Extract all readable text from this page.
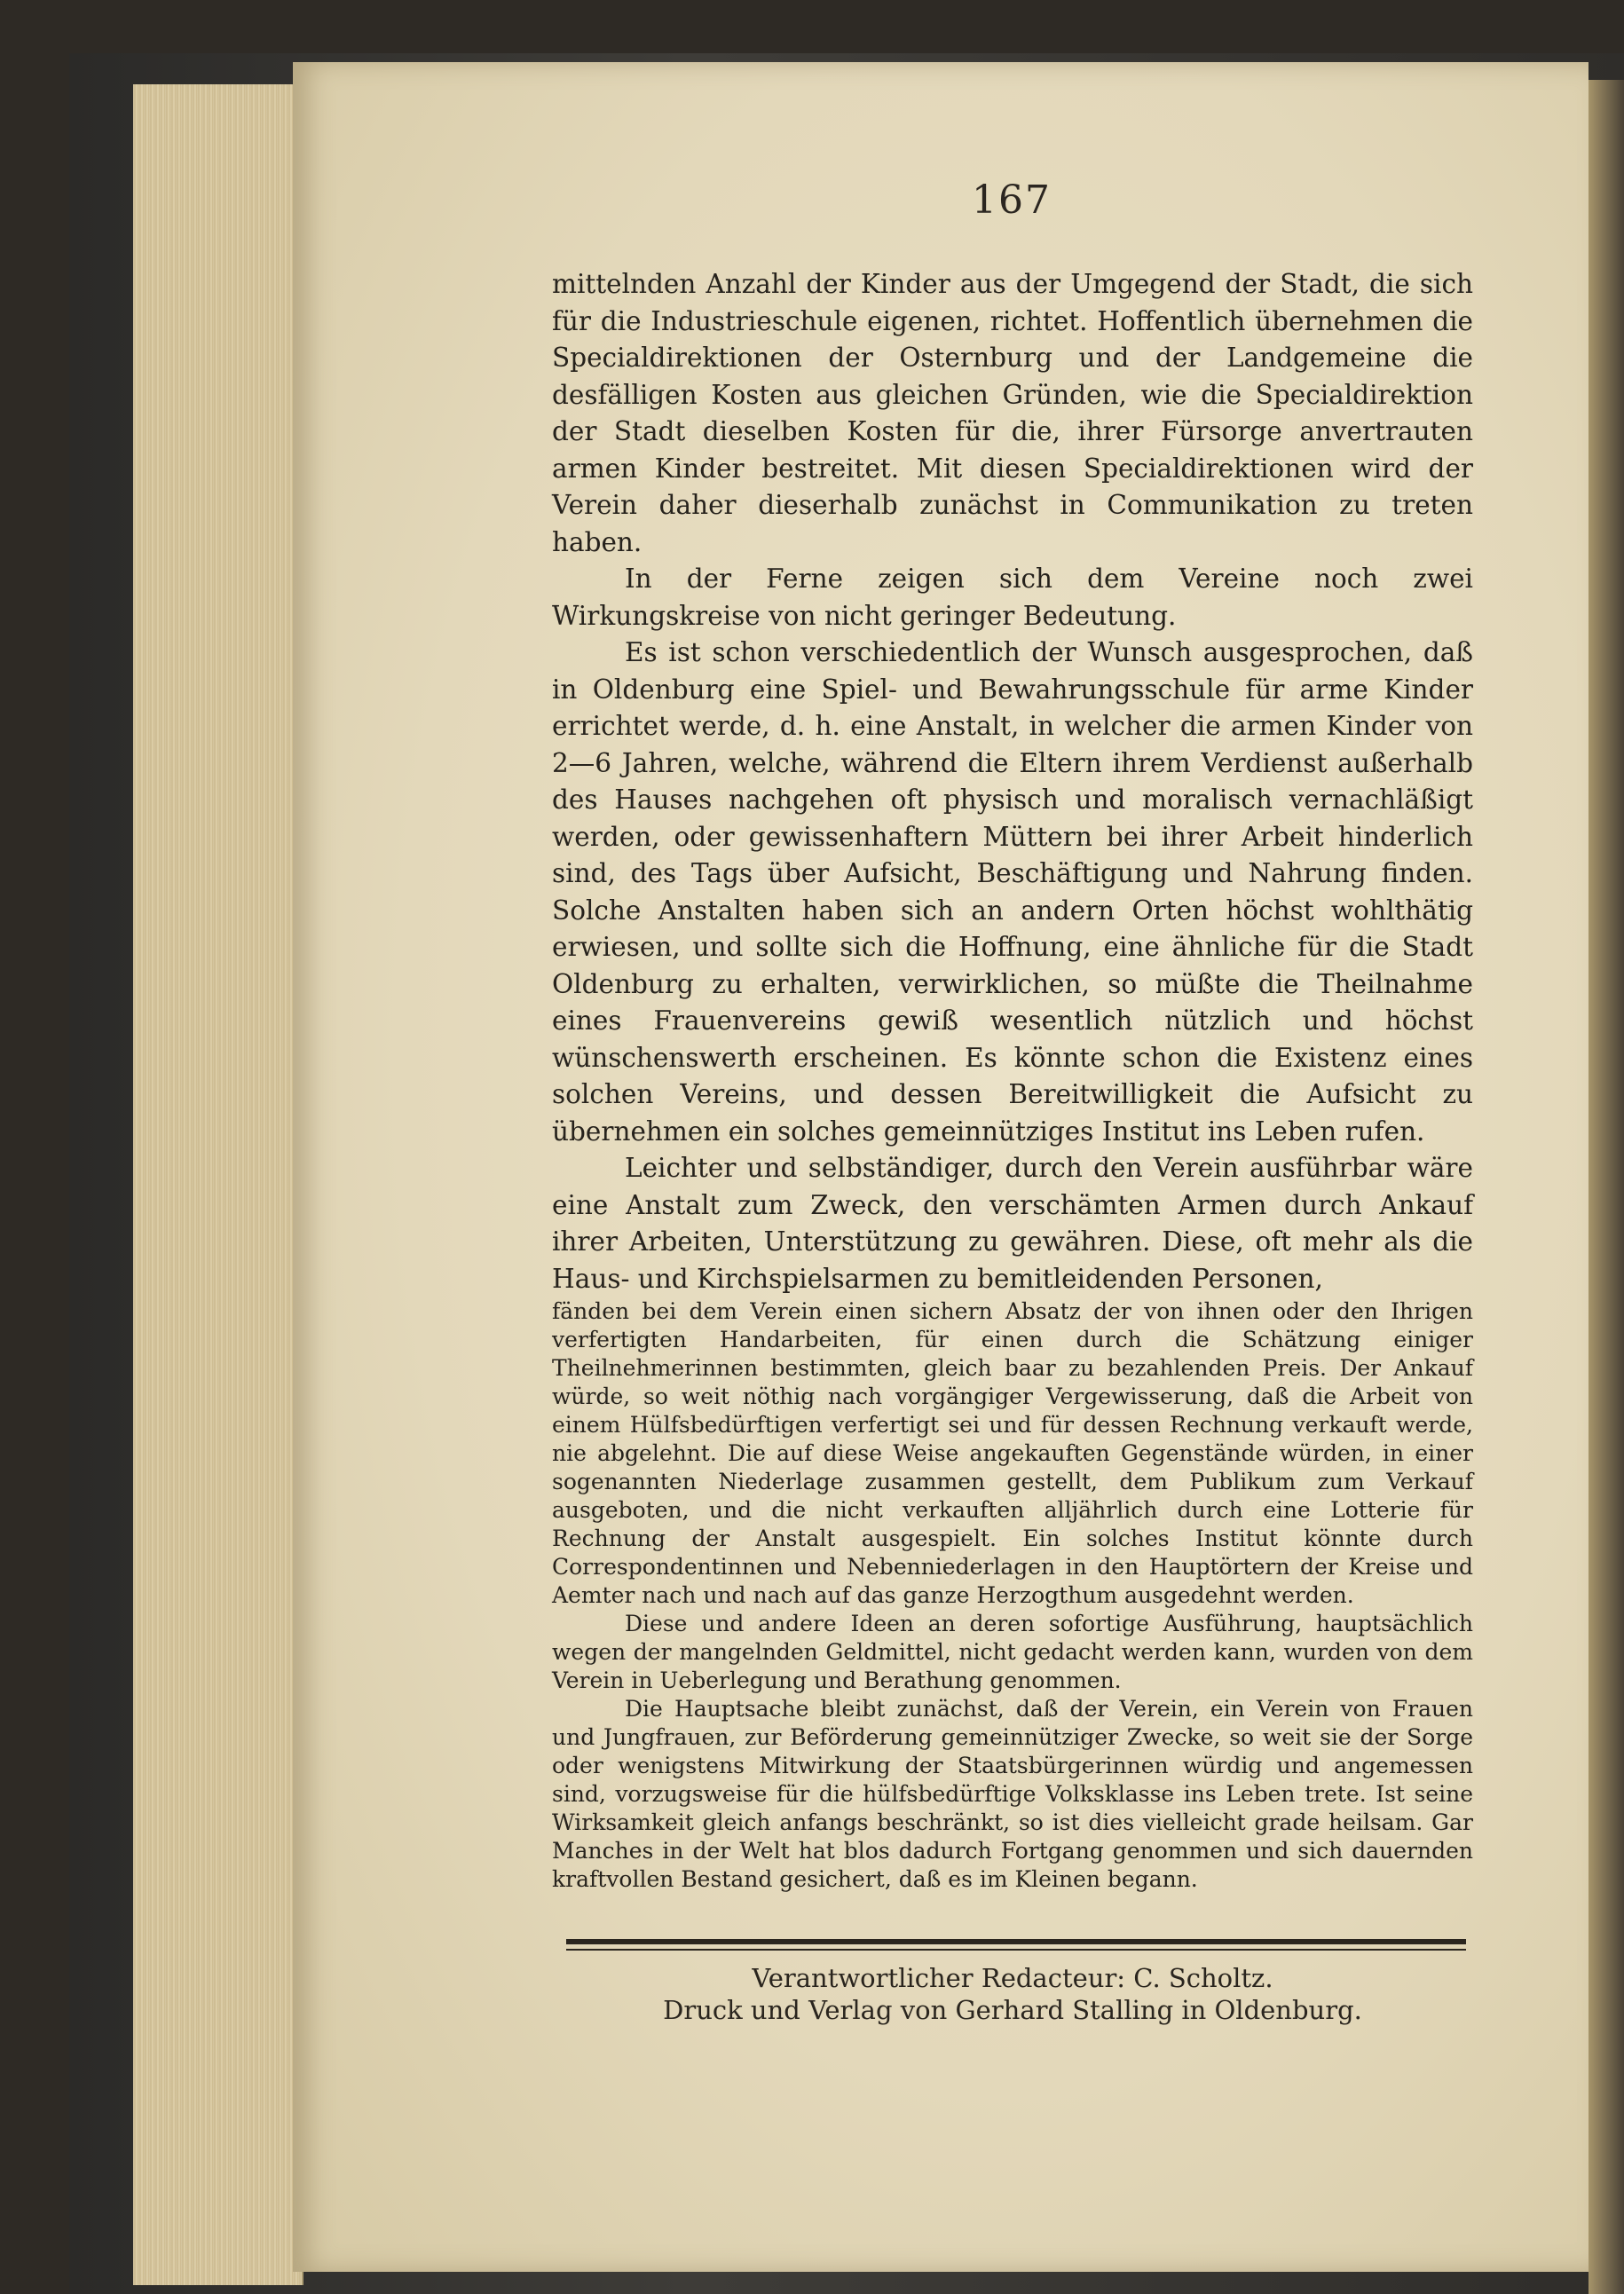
167

mittelnden Anzahl der Kinder aus der Umgegend der Stadt, die sich für die Industrieschule eigenen, richtet. Hoffentlich übernehmen die Specialdirektionen der Osternburg und der Landgemeine die desfälligen Kosten aus gleichen Gründen, wie die Specialdirektion der Stadt dieselben Kosten für die, ihrer Fürsorge anvertrauten armen Kinder bestreitet. Mit diesen Specialdirektionen wird der Verein daher dieserhalb zunächst in Communikation zu treten haben.

In der Ferne zeigen sich dem Vereine noch zwei Wirkungskreise von nicht geringer Bedeutung.

Es ist schon verschiedentlich der Wunsch ausgesprochen, daß in Oldenburg eine Spiel- und Bewahrungsschule für arme Kinder errichtet werde, d. h. eine Anstalt, in welcher die armen Kinder von 2—6 Jahren, welche, während die Eltern ihrem Verdienst außerhalb des Hauses nachgehen oft physisch und moralisch vernachläßigt werden, oder gewissenhaftern Müttern bei ihrer Arbeit hinderlich sind, des Tags über Aufsicht, Beschäftigung und Nahrung finden. Solche Anstalten haben sich an andern Orten höchst wohlthätig erwiesen, und sollte sich die Hoffnung, eine ähnliche für die Stadt Oldenburg zu erhalten, verwirklichen, so müßte die Theilnahme eines Frauenvereins gewiß wesentlich nützlich und höchst wünschenswerth erscheinen. Es könnte schon die Existenz eines solchen Vereins, und dessen Bereitwilligkeit die Aufsicht zu übernehmen ein solches gemeinnütziges Institut ins Leben rufen.

Leichter und selbständiger, durch den Verein ausführbar wäre eine Anstalt zum Zweck, den verschämten Armen durch Ankauf ihrer Arbeiten, Unterstützung zu gewähren. Diese, oft mehr als die Haus- und Kirchspielsarmen zu bemitleidenden Personen,

fänden bei dem Verein einen sichern Absatz der von ihnen oder den Ihrigen verfertigten Handarbeiten, für einen durch die Schätzung einiger Theilnehmerinnen bestimmten, gleich baar zu bezahlenden Preis. Der Ankauf würde, so weit nöthig nach vorgängiger Vergewisserung, daß die Arbeit von einem Hülfsbedürftigen verfertigt sei und für dessen Rechnung verkauft werde, nie abgelehnt. Die auf diese Weise angekauften Gegenstände würden, in einer sogenannten Niederlage zusammen gestellt, dem Publikum zum Verkauf ausgeboten, und die nicht verkauften alljährlich durch eine Lotterie für Rechnung der Anstalt ausgespielt. Ein solches Institut könnte durch Correspondentinnen und Nebenniederlagen in den Hauptörtern der Kreise und Aemter nach und nach auf das ganze Herzogthum ausgedehnt werden.

Diese und andere Ideen an deren sofortige Ausführung, hauptsächlich wegen der mangelnden Geldmittel, nicht gedacht werden kann, wurden von dem Verein in Ueberlegung und Berathung genommen.

Die Hauptsache bleibt zunächst, daß der Verein, ein Verein von Frauen und Jungfrauen, zur Beförderung gemeinnütziger Zwecke, so weit sie der Sorge oder wenigstens Mitwirkung der Staatsbürgerinnen würdig und angemessen sind, vorzugsweise für die hülfsbedürftige Volksklasse ins Leben trete. Ist seine Wirksamkeit gleich anfangs beschränkt, so ist dies vielleicht grade heilsam. Gar Manches in der Welt hat blos dadurch Fortgang genommen und sich dauernden kraftvollen Bestand gesichert, daß es im Kleinen begann.

Verantwortlicher Redacteur: C. Scholtz.
Druck und Verlag von Gerhard Stalling in Oldenburg.
